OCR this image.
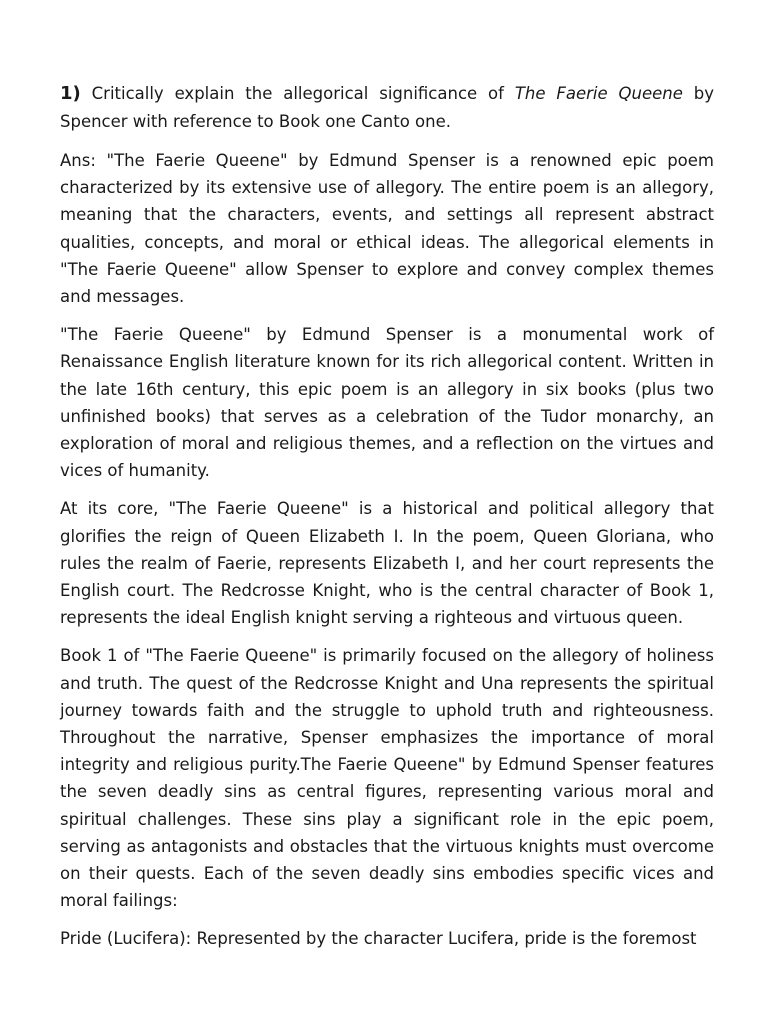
1) Critically explain the allegorical significance of The Faerie Queene by Spencer with reference to Book one Canto one.

Ans: "The Faerie Queene" by Edmund Spenser is a renowned epic poem characterized by its extensive use of allegory. The entire poem is an allegory, meaning that the characters, events, and settings all represent abstract qualities, concepts, and moral or ethical ideas. The allegorical elements in "The Faerie Queene" allow Spenser to explore and convey complex themes and messages.

"The Faerie Queene" by Edmund Spenser is a monumental work of Renaissance English literature known for its rich allegorical content. Written in the late 16th century, this epic poem is an allegory in six books (plus two unfinished books) that serves as a celebration of the Tudor monarchy, an exploration of moral and religious themes, and a reflection on the virtues and vices of humanity.

At its core, "The Faerie Queene" is a historical and political allegory that glorifies the reign of Queen Elizabeth I. In the poem, Queen Gloriana, who rules the realm of Faerie, represents Elizabeth I, and her court represents the English court. The Redcrosse Knight, who is the central character of Book 1, represents the ideal English knight serving a righteous and virtuous queen.

Book 1 of "The Faerie Queene" is primarily focused on the allegory of holiness and truth. The quest of the Redcrosse Knight and Una represents the spiritual journey towards faith and the struggle to uphold truth and righteousness. Throughout the narrative, Spenser emphasizes the importance of moral integrity and religious purity.The Faerie Queene" by Edmund Spenser features the seven deadly sins as central figures, representing various moral and spiritual challenges. These sins play a significant role in the epic poem, serving as antagonists and obstacles that the virtuous knights must overcome on their quests. Each of the seven deadly sins embodies specific vices and moral failings:

Pride (Lucifera): Represented by the character Lucifera, pride is the foremost
